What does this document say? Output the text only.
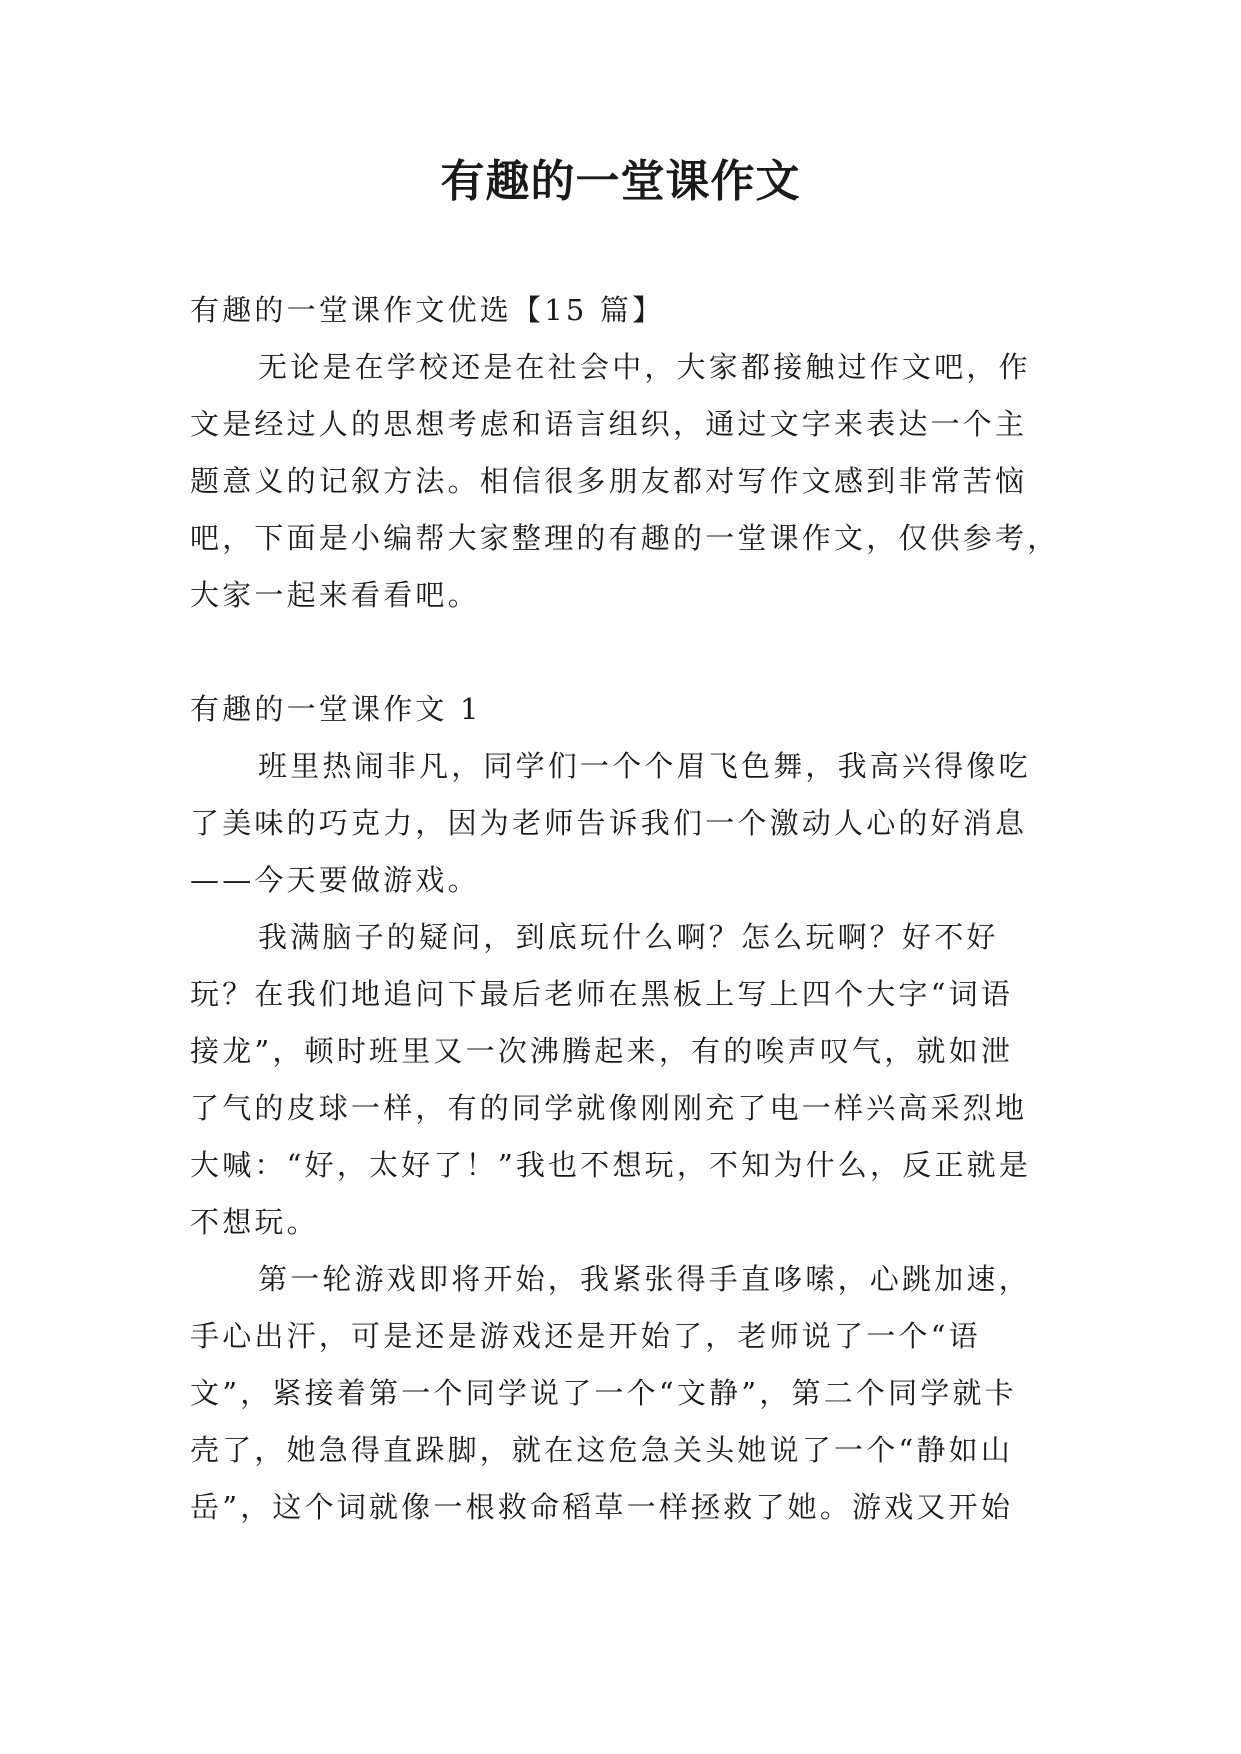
有趣的一堂课作文

有趣的一堂课作文优选【15 篇】

无论是在学校还是在社会中，大家都接触过作文吧，作

文是经过人的思想考虑和语言组织，通过文字来表达一个主

题意义的记叙方法。相信很多朋友都对写作文感到非常苦恼

吧，下面是小编帮大家整理的有趣的一堂课作文，仅供参考，

大家一起来看看吧。

有趣的一堂课作文 1

班里热闹非凡，同学们一个个眉飞色舞，我高兴得像吃

了美味的巧克力，因为老师告诉我们一个激动人心的好消息

——今天要做游戏。

我满脑子的疑问，到底玩什么啊？怎么玩啊？好不好

玩？在我们地追问下最后老师在黑板上写上四个大字“词语

接龙”，顿时班里又一次沸腾起来，有的唉声叹气，就如泄

了气的皮球一样，有的同学就像刚刚充了电一样兴高采烈地

大喊：“好，太好了！”我也不想玩，不知为什么，反正就是

不想玩。

第一轮游戏即将开始，我紧张得手直哆嗦，心跳加速，

手心出汗，可是还是游戏还是开始了，老师说了一个“语

文”，紧接着第一个同学说了一个“文静”，第二个同学就卡

壳了，她急得直跺脚，就在这危急关头她说了一个“静如山

岳”，这个词就像一根救命稻草一样拯救了她。游戏又开始
